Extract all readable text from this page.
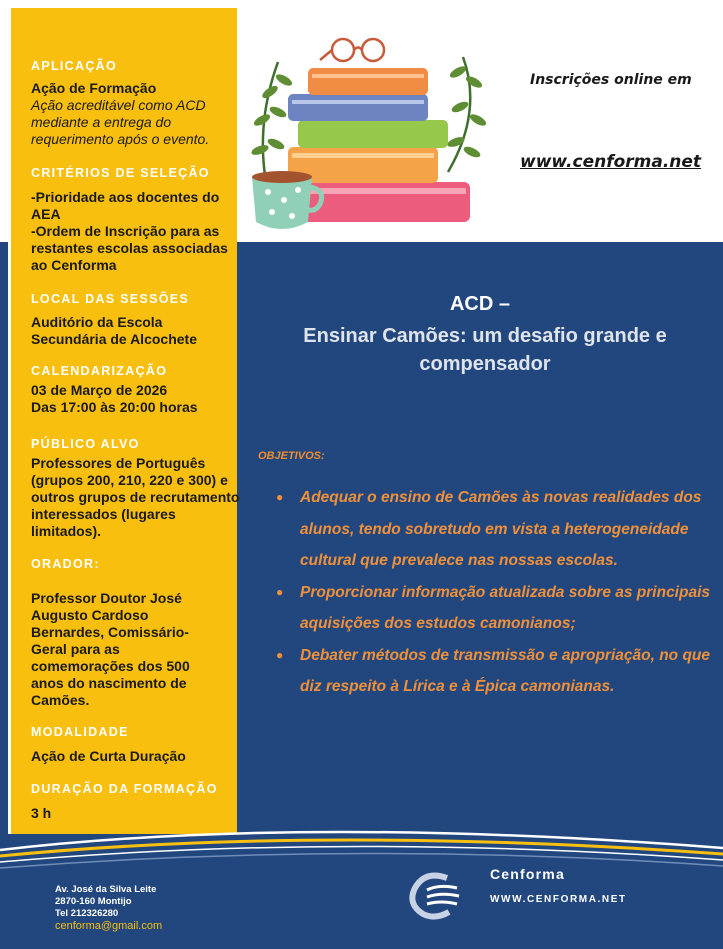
APLICAÇÃO
Ação de Formação
Ação acreditável como ACD mediante a entrega do requerimento após o evento.
CRITÉRIOS DE SELEÇÃO
-Prioridade aos docentes do AEA
-Ordem de Inscrição para as restantes escolas associadas ao Cenforma
LOCAL DAS SESSÕES
Auditório da Escola Secundária de Alcochete
CALENDARIZAÇÃO
03 de Março de 2026
Das 17:00 às 20:00 horas
PÚBLICO ALVO
Professores de Português (grupos 200, 210, 220 e 300) e outros grupos de recrutamento interessados (lugares limitados).
ORADOR:
Professor Doutor José Augusto Cardoso Bernardes, Comissário-Geral para as comemorações dos 500 anos do nascimento de Camões.
MODALIDADE
Ação de Curta Duração
DURAÇÃO DA FORMAÇÃO
3 h
Inscrições online em
www.cenforma.net
ACD –
Ensinar Camões: um desafio grande e compensador
OBJETIVOS:
● Adequar o ensino de Camões às novas realidades dos alunos, tendo sobretudo em vista a heterogeneidade cultural que prevalece nas nossas escolas.
● Proporcionar informação atualizada sobre as principais aquisições dos estudos camonianos;
● Debater métodos de transmissão e apropriação, no que diz respeito à Lírica e à Épica camonianas.
Av. José da Silva Leite
2870-160 Montijo
Tel 212326280
cenforma@gmail.com
Cenforma
WWW.CENFORMA.NET
